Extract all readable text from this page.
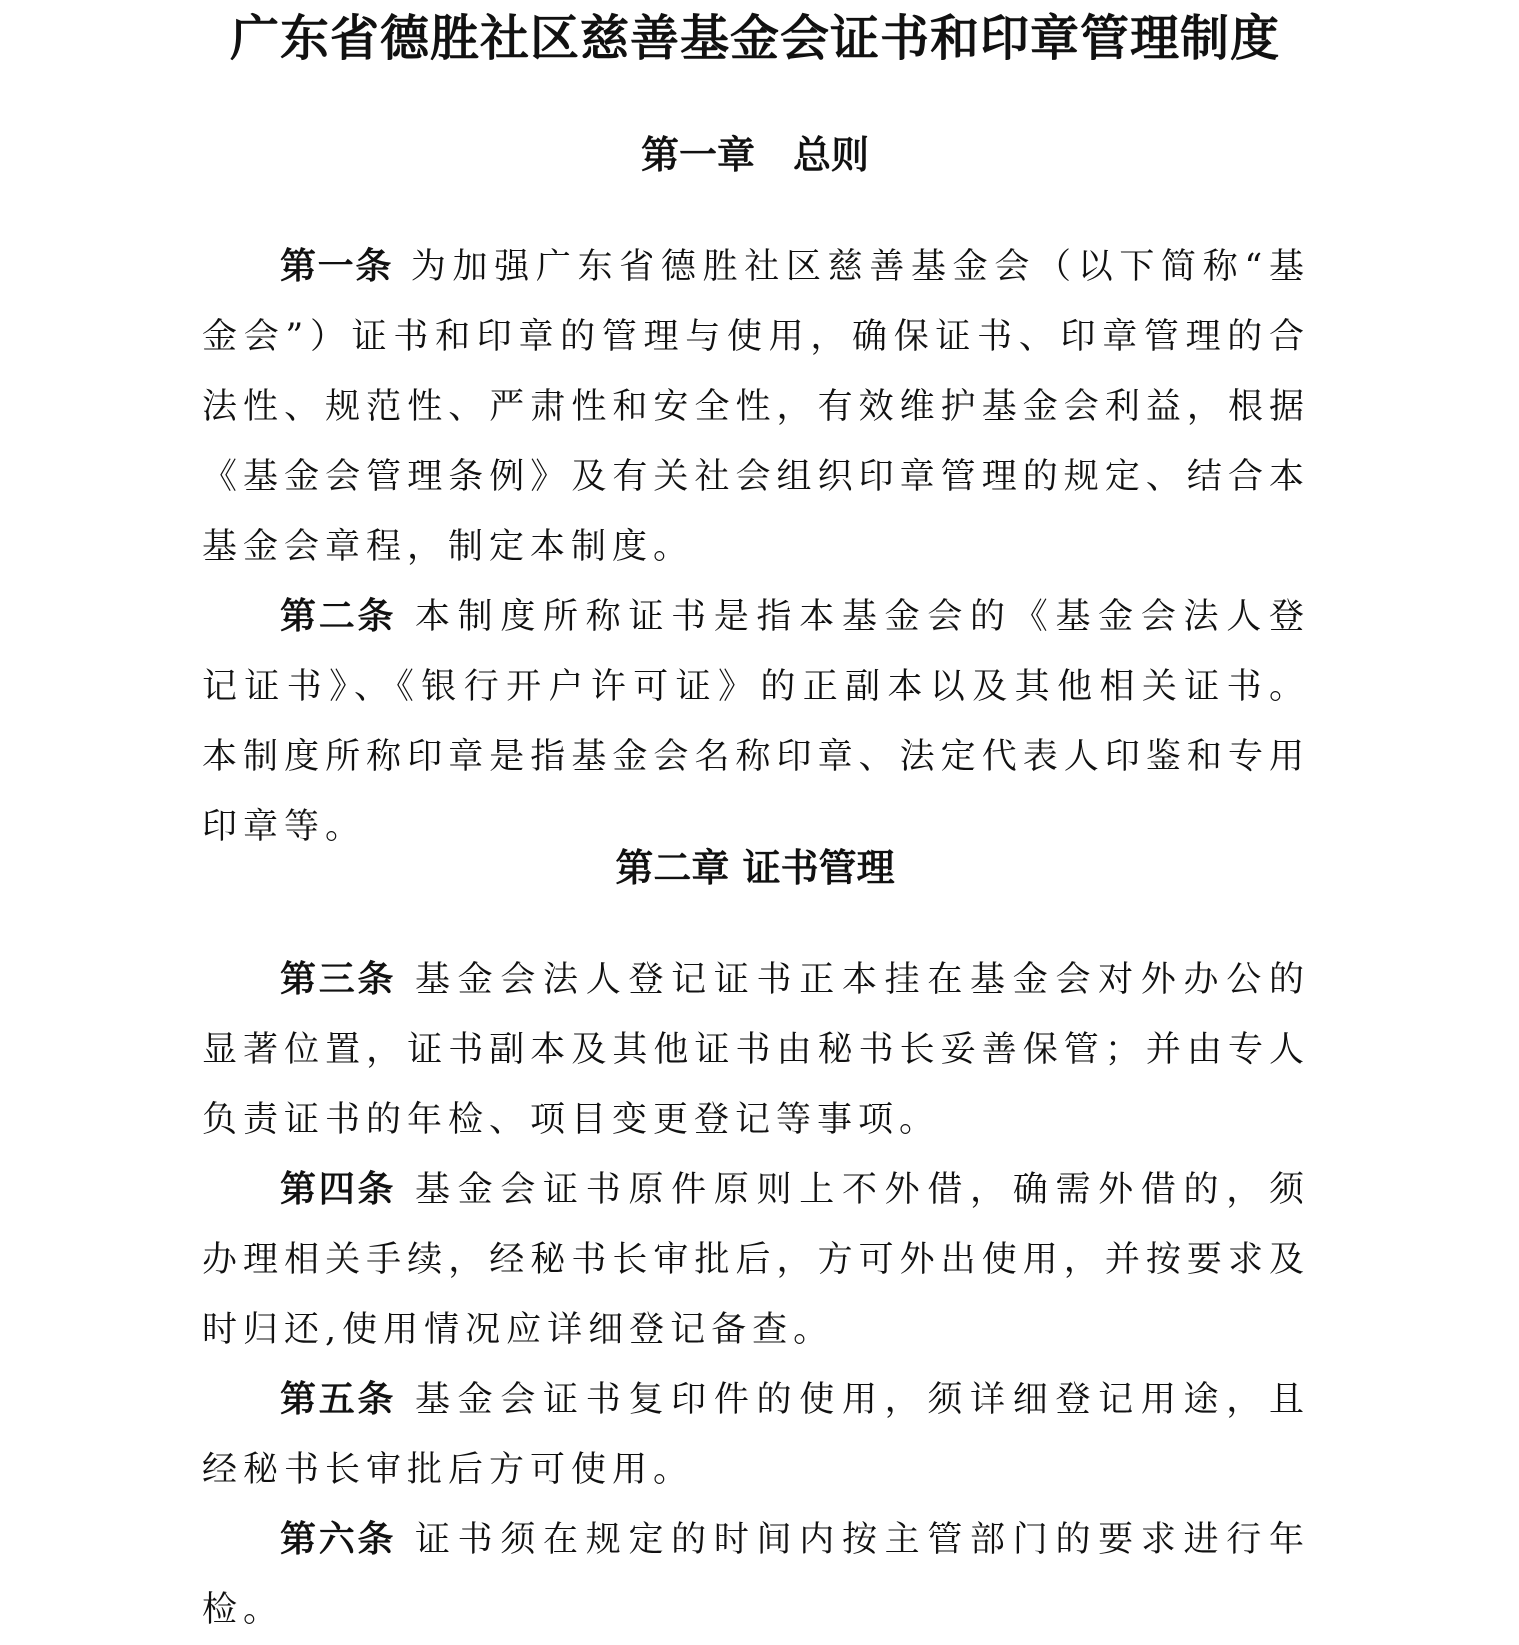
广东省德胜社区慈善基金会证书和印章管理制度
第一章　总则

第一条 为加强广东省德胜社区慈善基金会（以下简称“基金会”）证书和印章的管理与使用，确保证书、印章管理的合法性、规范性、严肃性和安全性，有效维护基金会利益，根据《基金会管理条例》及有关社会组织印章管理的规定、结合本基金会章程，制定本制度。

第二条 本制度所称证书是指本基金会的《基金会法人登记证书》、《银行开户许可证》的正副本以及其他相关证书。本制度所称印章是指基金会名称印章、法定代表人印鉴和专用印章等。

第二章 证书管理

第三条 基金会法人登记证书正本挂在基金会对外办公的显著位置，证书副本及其他证书由秘书长妥善保管；并由专人负责证书的年检、项目变更登记等事项。

第四条 基金会证书原件原则上不外借，确需外借的，须办理相关手续，经秘书长审批后，方可外出使用，并按要求及时归还,使用情况应详细登记备查。

第五条 基金会证书复印件的使用，须详细登记用途，且经秘书长审批后方可使用。

第六条 证书须在规定的时间内按主管部门的要求进行年检。
